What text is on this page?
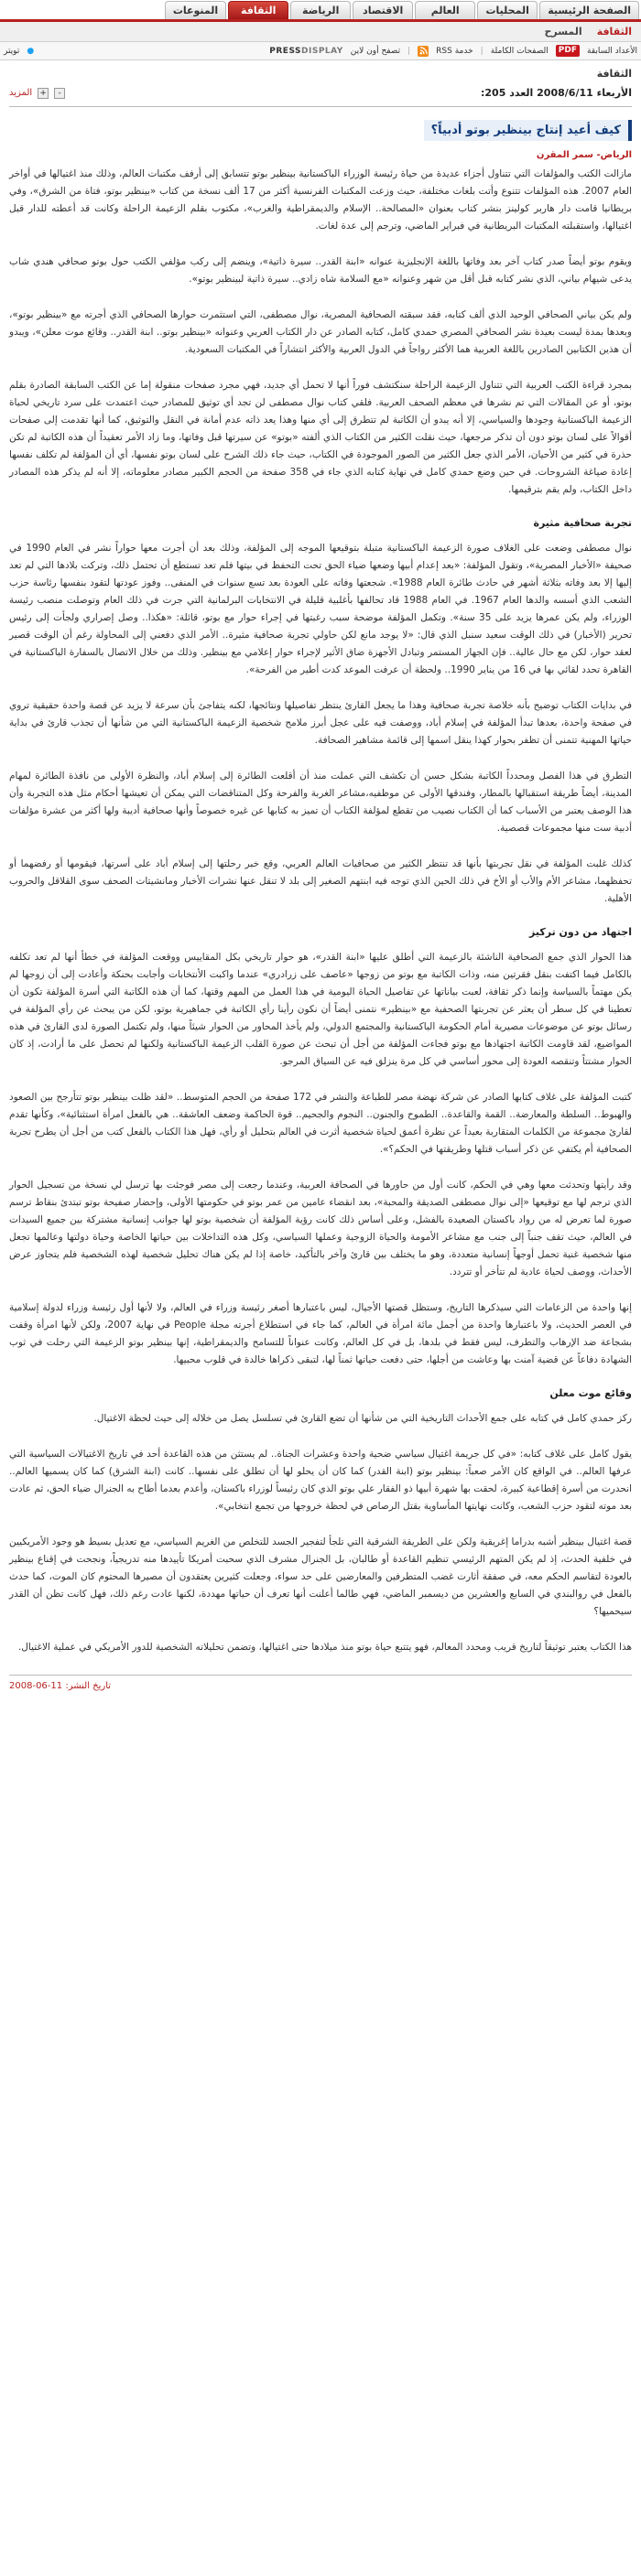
الصفحة الرئيسية
المحليات
العالم
الاقتصاد
الرياضة
الثقافة
المنوعات
الثقافة
المسرح
الأعداد السابقة
PDF
الصفحات الكاملة
|
خدمة RSS
|
تصفح أون لاين
PRESSDISPLAY
●
تويتر
الثقافة
الأربعاء 2008/6/11 العدد 205:
-
+
المزيد
كيف أعيد إنتاج بينظير بوتو أدبياً؟
الرياض- سمر المقرن

مازالت الكتب والمؤلفات التي تتناول أجزاء عديدة من حياة رئيسة الوزراء الباكستانية بينظير بوتو تتسابق إلى أرفف مكتبات العالم، وذلك منذ اغتيالها في أواخر العام 2007. هذه المؤلفات تتنوع وأتت بلغات مختلفة، حيث وزعت المكتبات الفرنسية أكثر من 17 ألف نسخة من كتاب «بينظير بوتو، فتاة من الشرق»، وفي بريطانيا قامت دار هاربر كولينز بنشر كتاب بعنوان «المصالحة.. الإسلام والديمقراطية والغرب»، مكتوب بقلم الزعيمة الراحلة وكانت قد أعطته للدار قبل اغتيالها، واستقبلته المكتبات البريطانية في فبراير الماضي، وترجم إلى عدة لغات.

ويقوم بوتو أيضاً صدر كتاب آخر بعد وفاتها باللغة الإنجليزية عنوانه «ابنة القدر.. سيرة ذاتية»، وينضم إلى ركب مؤلفي الكتب حول بوتو صحافي هندي شاب يدعى شيهام بياني، الذي نشر كتابه قبل أقل من شهر وعنوانه «مع السلامة شاه زادي.. سيرة ذاتية لبينظير بوتو».

ولم يكن بياني الصحافي الوحيد الذي ألف كتابه، فقد سبقته الصحافية المصرية، نوال مصطفى، التي استثمرت حوارها الصحافي الذي أجرته مع «بينظير بوتو»، وبعدها بمدة ليست بعيدة نشر الصحافي المصري حمدي كامل، كتابه الصادر عن دار الكتاب العربي وعنوانه «بينظير بوتو.. ابنة القدر.. وقائع موت معلن»، ويبدو أن هذين الكتابين الصادرين باللغة العربية هما الأكثر رواجاً في الدول العربية والأكثر انتشاراً في المكتبات السعودية.

بمجرد قراءة الكتب العربية التي تتناول الزعيمة الراحلة سنكتشف فوراً أنها لا تحمل أي جديد، فهي مجرد صفحات منقولة إما عن الكتب السابقة الصادرة بقلم بوتو، أو عن المقالات التي تم نشرها في معظم الصحف العربية. فلقي كتاب نوال مصطفى لن تجد أي توثيق للمصادر حيث اعتمدت على سرد تاريخي لحياة الزعيمة الباكستانية وجودها والسياسي، إلا أنه يبدو أن الكاتبة لم تتطرق إلى أي منها وهذا يعد ذاته عدم أمانة في النقل والتوثيق، كما أنها تقدمت إلى صفحات أقوالاً على لسان بوتو دون أن تذكر مرجعها، حيث نقلت الكثير من الكتاب الذي ألفته «بوتو» عن سيرتها قبل وفاتها، وما زاد الأمر تعقيداً أن هذه الكاتبة لم تكن حذرة في كثير من الأحيان، الأمر الذي جعل الكثير من الصور الموجودة في الكتاب، حيث جاء ذلك الشرح على لسان بوتو نفسها، أي أن المؤلفة لم تكلف نفسها إعادة صياغة الشروحات. في حين وضع حمدي كامل في نهاية كتابه الذي جاء في 358 صفحة من الحجم الكبير مصادر معلوماته، إلا أنه لم يذكر هذه المصادر داخل الكتاب، ولم يقم بترقيمها.

تجربة صحافية مثيرة

نوال مصطفى وضعت على الغلاف صورة الزعيمة الباكستانية متبلة بتوقيعها الموجه إلى المؤلفة، وذلك بعد أن أجرت معها حواراً نشر في العام 1990 في صحيفة «الأخبار المصرية»، وتقول المؤلفة: «بعد إعدام أبيها وضعها ضياء الحق تحت التحفظ في بيتها فلم تعد تستطع أن تحتمل ذلك، وتركت بلادها التي لم تعد إليها إلا بعد وفاته بثلاثة أشهر في حادث طائرة العام 1988». شجعتها وفاته على العودة بعد تسع سنوات في المنفى.. وفوز عودتها لتقود بنفسها رئاسة حزب الشعب الذي أسسه والدها العام 1967. في العام 1988 قاد تحالفها بأغلبية قليلة في الانتخابات البرلمانية التي جرت في ذلك العام وتوصلت منصب رئيسة الوزراء، ولم يكن عمرها يزيد على 35 سنة». وتكمل المؤلفة موضحة سبب رغبتها في إجراء حوار مع بوتو، قائلة: «هكذا.. وصل إصراري ولجأت إلى رئيس تحرير (الأخبار) في ذلك الوقت سعيد سنبل الذي قال: «لا يوجد مانع لكن حاولي تجربة صحافية مثيرة.. الأمر الذي دفعني إلى المحاولة رغم أن الوقت قصير لعقد حوار، لكن مع حال عالية.. فإن الجهاز المستمر وتبادل الأجهزة ضاق الأثير لإجراء حوار إعلامي مع بينظير. وذلك من خلال الاتصال بالسفارة الباكستانية في القاهرة تحدد لقائي بها في 16 من يناير 1990.. ولحظة أن عرفت الموعد كدت أطير من الفرحة».

في بدايات الكتاب توضيح بأنه خلاصة تجربة صحافية وهذا ما يجعل القارئ ينتظر تفاصيلها ونتائجها، لكنه يتفاجئ بأن سرعة لا يزيد عن قصة واحدة حقيقية تروي في صفحة واحدة، بعدها تبدأ المؤلفة في إسلام أباد، ووصفت فيه على عجل أبرز ملامح شخصية الزعيمة الباكستانية التي من شأنها أن تجذب قارئ في بداية حياتها المهنية تتمنى أن تظفر بحوار كهذا ينقل اسمها إلى قائمة مشاهير الصحافة.

التطرق في هذا الفصل ومحدداً الكاتبة بشكل حسن أن تكشف التي عملت منذ أن أقلعت الطائرة إلى إسلام أباد، والنظرة الأولى من نافذة الطائرة لمهام المدينة، أيضاً طريقة استقبالها بالمطار، وفندقها الأولى عن موظفيه،مشاعر الغربة والفرحة وكل المتناقضات التي يمكن أن تعيشها أحكام مثل هذه التجربة وأن هذا الوصف يعتبر من الأسباب كما أن الكتاب نصيب من تقطع لمؤلفة الكتاب أن تميز به كتابها عن غيره خصوصاً وأنها صحافية أديبة ولها أكثر من عشرة مؤلفات أدبية ست منها مجموعات قصصية.

كذلك غلبت المؤلفة في نقل تجربتها بأنها قد تنتظر الكثير من صحافيات العالم العربي، وقع خبر رحلتها إلى إسلام أباد على أسرتها، فيقومها أو رفضهما أو تحفظهما، مشاعر الأم والأب أو الأخ في ذلك الحين الذي توجه فيه ابنتهم الصغير إلى بلد لا تنقل عنها نشرات الأخبار ومانشيتات الصحف سوى القلاقل والحروب الأهلية.

اجتهاد من دون تركيز

هذا الحوار الذي جمع الصحافية الناشئة بالزعيمة التي أطلق عليها «ابنة القدر»، هو حوار تاريخي بكل المقاييس ووقعت المؤلفة في خطأ أنها لم تعد تكلفه بالكامل فيما اكتفت بنقل فقرتين منه، وذات الكاتبة مع بوتو من زوجها «عاصف على زرادري» عندما واكبت الأنتخابات وأجابت بحنكة وأعادت إلى أن زوجها لم يكن مهتماً بالسياسة وإنما ذكر ثقافة، لعبت بياناتها عن تفاصيل الحياة اليومية في هذا العمل من المهم وقتها، كما أن هذه الكاتبة التي أسرة المؤلفة تكون أن تعطينا في كل سطر أن يعثر عن تجربتها الصحفية مع «بينظير» نتمنى أيضاً أن نكون رأينا رأي الكاتبة في جماهيرية بوتو، لكن من يبحث عن رأي المؤلفة في رسائل بوتو عن موضوعات مصيرية أمام الحكومة الباكستانية والمجتمع الدولي، ولم يأخذ المحاور من الحوار شيئاً منها، ولم تكتمل الصورة لدى القارئ في هذه المواضيع، لقد قاومت الكاتبة اجتهادها مع بوتو فجاءت المؤلفة من أجل أن تبحث عن صورة القلب الزعيمة الباكستانية ولكنها لم تحصل على ما أرادت، إذ كان الحوار مشتتاً وتنقصه العودة إلى محور أساسي في كل مرة ينزلق فيه عن السياق المرجو.

كتبت المؤلفة على غلاف كتابها الصادر عن شركة نهضة مصر للطباعة والنشر في 172 صفحة من الحجم المتوسط.. «لقد ظلت بينظير بوتو تتأرجح بين الصعود والهبوط.. السلطة والمعارضة.. القمة والقاعدة.. الطموح والجنون.. النجوم والجحيم.. قوة الحاكمة وضعف العاشقة.. هي بالفعل امرأة استثنائية»، وكأنها تقدم لقارئ مجموعة من الكلمات المتقاربة بعيداً عن نظرة أعمق لحياة شخصية أثرت في العالم بتحليل أو رأي، فهل هذا الكتاب بالفعل كتب من أجل أن يطرح تجربة الصحافية أم يكتفي عن ذكر أسباب قتلها وطريقتها في الحكم؟».

وقد رأيتها وتحدثت معها وهي في الحكم، كانت أول من حاورها في الصحافة العربية، وعندما رجعت إلى مصر فوجئت بها ترسل لي نسخة من تسجيل الحوار الذي ترجم لها مع توقيعها «إلى نوال مصطفى الصديقة والمحبة»، بعد انقضاء عامين من عمر بوتو في حكومتها الأولى، وإحضار صفيحة بوتو تبتدئ بنقاط ترسم صورة لما تعرض له من رواد باكستان الصعيدة بالفشل، وعلى أساس ذلك كانت رؤية المؤلفة أن شخصية بوتو لها جوانب إنسانية مشتركة بين جميع السيدات في العالم، حيث تقف جنباً إلى جنب مع مشاعر الأمومة والحياة الزوجية وعملها السياسي، وكل هذه التداخلات بين حياتها الخاصة وحياة دولتها وعالمها تجعل منها شخصية غنية تحمل أوجهاً إنسانية متعددة، وهو ما يختلف بين قارئ وآخر بالتأكيد، خاصة إذا لم يكن هناك تحليل شخصية لهذه الشخصية فلم يتجاوز عرض الأحداث، ووصف لحياة عادية لم تتأخر أو تتردد.

إنها واحدة من الزعامات التي سيذكرها التاريخ، وستظل قصتها الأجيال، ليس باعتبارها أصغر رئيسة وزراء في العالم، ولا لأنها أول رئيسة وزراء لدولة إسلامية في العصر الحديث، ولا باعتبارها واحدة من أجمل مائة امرأة في العالم، كما جاء في استطلاع أجرته مجلة People في نهاية 2007، ولكن لأنها امرأة وقفت بشجاعة ضد الإرهاب والتطرف، ليس فقط في بلدها، بل في كل العالم، وكانت عنواناً للتسامح والديمقراطية، إنها بينظير بوتو الزعيمة التي رحلت في ثوب الشهادة دفاعاً عن قضية آمنت بها وعاشت من أجلها، حتى دفعت حياتها ثمناً لها، لتبقى ذكراها خالدة في قلوب محبيها.

وقائع موت معلن

ركز حمدي كامل في كتابه على جمع الأحداث التاريخية التي من شأنها أن تضع القارئ في تسلسل يصل من خلاله إلى حيث لحظة الاغتيال.

يقول كامل على غلاف كتابه: «في كل جريمة اغتيال سياسي ضحية واحدة وعشرات الجناة.. لم يستثن من هذه القاعدة أحد في تاريخ الاغتيالات السياسية التي عرفها العالم.. في الواقع كان الأمر صعباً: بينظير بوتو (ابنة القدر) كما كان أن يحلو لها أن تطلق على نفسها.. كانت (ابنة الشرق) كما كان يسميها العالم.. انحدرت من أسرة إقطاعية كبيرة، لحقت بها شهرة أبيها ذو الفقار علي بوتو الذي كان رئيساً لوزراء باكستان، وأعدم بعدما أطاح به الجنرال ضياء الحق، ثم عادت بعد موته لتقود حزب الشعب، وكانت نهايتها المأساوية بقتل الرصاص في لحظة خروجها من تجمع انتخابي».

قصة اغتيال بينظير أشبه بدراما إغريقية ولكن على الطريقة الشرقية التي تلجأ لتفجير الجسد للتخلص من الغريم السياسي، مع تعديل بسيط هو وجود الأمريكيين في خلفية الحدث، إذ لم يكن المتهم الرئيسي تنظيم القاعدة أو طالبان، بل الجنرال مشرف الذي سحبت أمريكا تأييدها منه تدريجياً، ونجحت في إقناع بينظير بالعودة لتقاسم الحكم معه، في صفقة أثارت غضب المتطرفين والمعارضين على حد سواء، وجعلت كثيرين يعتقدون أن مصيرها المحتوم كان الموت، كما حدث بالفعل في روالبندي في السابع والعشرين من ديسمبر الماضي، فهي طالما أعلنت أنها تعرف أن حياتها مهددة، لكنها عادت رغم ذلك، فهل كانت تظن أن القدر سيحميها؟

هذا الكتاب يعتبر توثيقاً لتاريخ قريب ومحدد المعالم، فهو يتتبع حياة بوتو منذ ميلادها حتى اغتيالها، وتضمن تحليلاته الشخصية للدور الأمريكي في عملية الاغتيال.

تاريخ النشر: 11-06-2008
